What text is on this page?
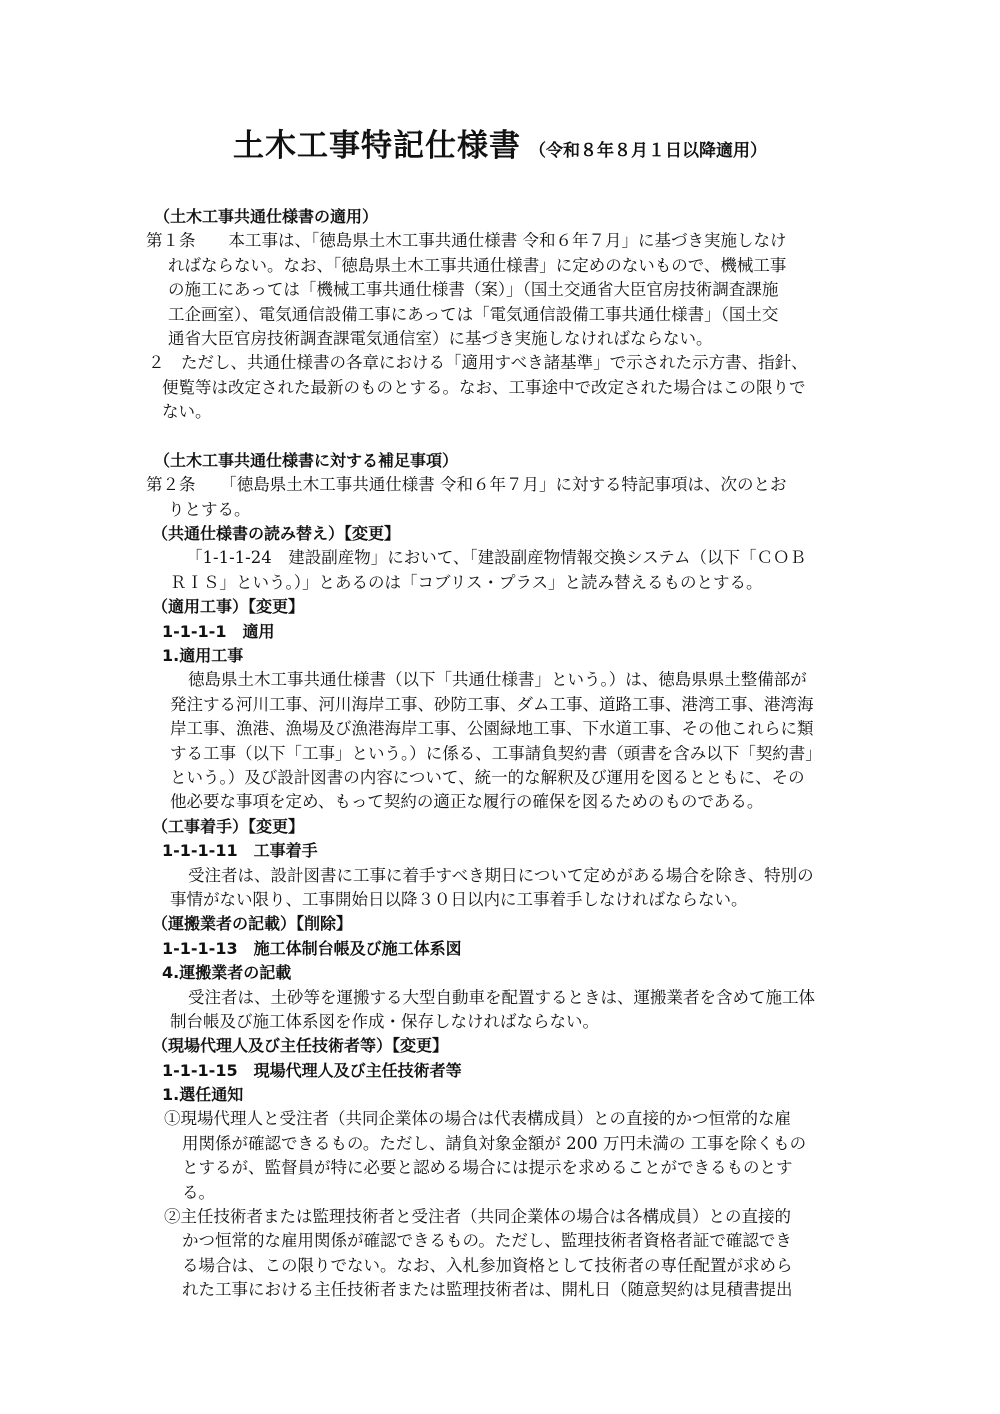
土木工事特記仕様書 （令和８年８月１日以降適用）
（土木工事共通仕様書の適用）
第１条　　本工事は、「徳島県土木工事共通仕様書 令和６年７月」に基づき実施しなけ
ればならない。なお、「徳島県土木工事共通仕様書」に定めのないもので、機械工事
の施工にあっては「機械工事共通仕様書（案）」（国土交通省大臣官房技術調査課施
工企画室）、電気通信設備工事にあっては「電気通信設備工事共通仕様書」（国土交
通省大臣官房技術調査課電気通信室）に基づき実施しなければならない。
２　ただし、共通仕様書の各章における「適用すべき諸基準」で示された示方書、指針、
便覧等は改定された最新のものとする。なお、工事途中で改定された場合はこの限りで
ない。
（土木工事共通仕様書に対する補足事項）
第２条　　「徳島県土木工事共通仕様書 令和６年７月」に対する特記事項は、次のとお
りとする。
（共通仕様書の読み替え）【変更】
「1-1-1-24　建設副産物」において、「建設副産物情報交換システム（以下「ＣＯＢ
ＲＩＳ」という。）」とあるのは「コブリス・プラス」と読み替えるものとする。
（適用工事）【変更】
1-1-1-1　適用
1.適用工事
徳島県土木工事共通仕様書（以下「共通仕様書」という。）は、徳島県県土整備部が
発注する河川工事、河川海岸工事、砂防工事、ダム工事、道路工事、港湾工事、港湾海
岸工事、漁港、漁場及び漁港海岸工事、公園緑地工事、下水道工事、その他これらに類
する工事（以下「工事」という。）に係る、工事請負契約書（頭書を含み以下「契約書」
という。）及び設計図書の内容について、統一的な解釈及び運用を図るとともに、その
他必要な事項を定め、もって契約の適正な履行の確保を図るためのものである。
（工事着手）【変更】
1-1-1-11　工事着手
受注者は、設計図書に工事に着手すべき期日について定めがある場合を除き、特別の
事情がない限り、工事開始日以降３０日以内に工事着手しなければならない。
（運搬業者の記載）【削除】
1-1-1-13　施工体制台帳及び施工体系図
4.運搬業者の記載
受注者は、土砂等を運搬する大型自動車を配置するときは、運搬業者を含めて施工体
制台帳及び施工体系図を作成・保存しなければならない。
（現場代理人及び主任技術者等）【変更】
1-1-1-15　現場代理人及び主任技術者等
1.選任通知
①現場代理人と受注者（共同企業体の場合は代表構成員）との直接的かつ恒常的な雇
用関係が確認できるもの。ただし、請負対象金額が 200 万円未満の 工事を除くもの
とするが、監督員が特に必要と認める場合には提示を求めることができるものとす
る。
②主任技術者または監理技術者と受注者（共同企業体の場合は各構成員）との直接的
かつ恒常的な雇用関係が確認できるもの。ただし、監理技術者資格者証で確認でき
る場合は、この限りでない。なお、入札参加資格として技術者の専任配置が求めら
れた工事における主任技術者または監理技術者は、開札日（随意契約は見積書提出
